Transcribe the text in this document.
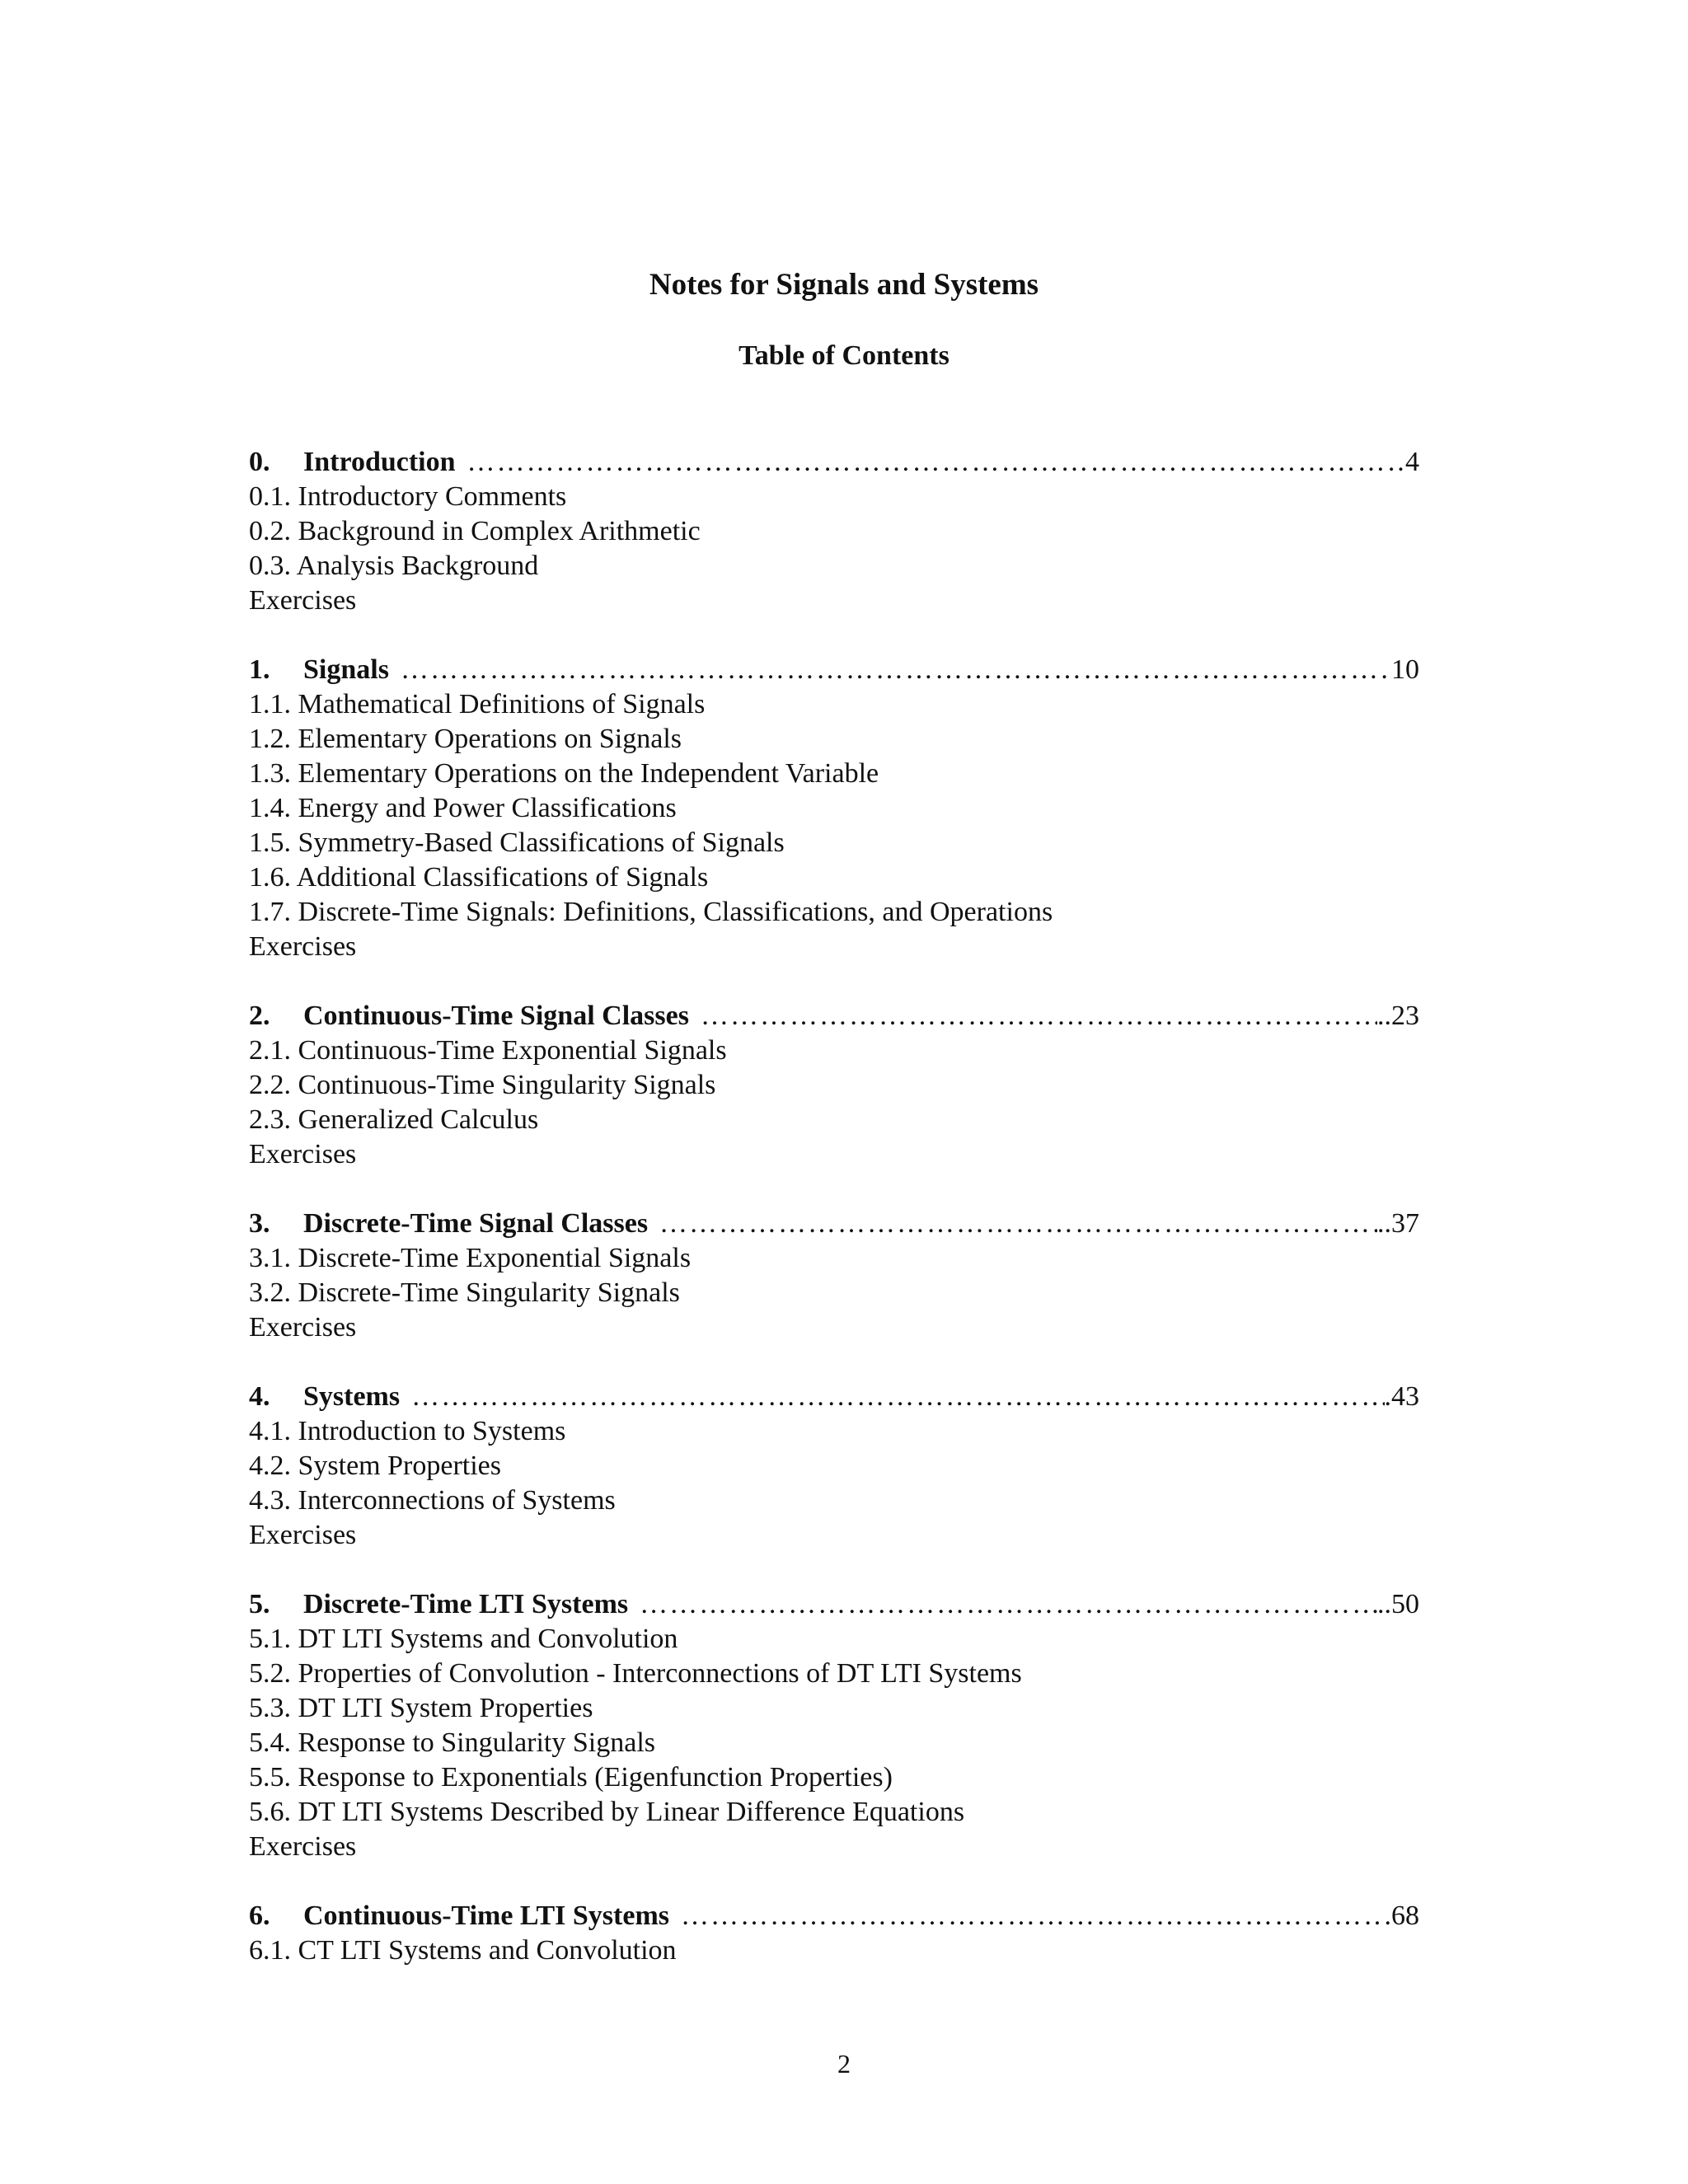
Notes for Signals and Systems
Table of Contents
0.	Introduction ………………………………………………………………………………………………………………………………………………………………………………………………	4
0.1. Introductory Comments
0.2. Background in Complex Arithmetic
0.3. Analysis Background
Exercises
1.	Signals ………………………………………………………………………………………………………………………………………………………………………………………………	10
1.1. Mathematical Definitions of Signals
1.2. Elementary Operations on Signals
1.3. Elementary Operations on the Independent Variable
1.4. Energy and Power Classifications
1.5. Symmetry-Based Classifications of Signals
1.6. Additional Classifications of Signals
1.7. Discrete-Time Signals: Definitions, Classifications, and Operations
Exercises
2.	Continuous-Time Signal Classes ………………………………………………………………………………………………………………………………………………………………………………………………	..23
2.1. Continuous-Time Exponential Signals
2.2. Continuous-Time Singularity Signals
2.3. Generalized Calculus
Exercises
3.	Discrete-Time Signal Classes ………………………………………………………………………………………………………………………………………………………………………………………………	..37
3.1. Discrete-Time Exponential Signals
3.2. Discrete-Time Singularity Signals
Exercises
4.	Systems ………………………………………………………………………………………………………………………………………………………………………………………………	.43
4.1. Introduction to Systems
4.2. System Properties
4.3. Interconnections of Systems
Exercises
5.	Discrete-Time LTI Systems ………………………………………………………………………………………………………………………………………………………………………………………………	..50
5.1. DT LTI Systems and Convolution
5.2. Properties of Convolution - Interconnections of DT LTI Systems
5.3. DT LTI System Properties
5.4. Response to Singularity Signals
5.5. Response to Exponentials (Eigenfunction Properties)
5.6. DT LTI Systems Described by Linear Difference Equations
Exercises
6.	Continuous-Time LTI Systems ………………………………………………………………………………………………………………………………………………………………………………………………	.68
6.1. CT LTI Systems and Convolution
2
